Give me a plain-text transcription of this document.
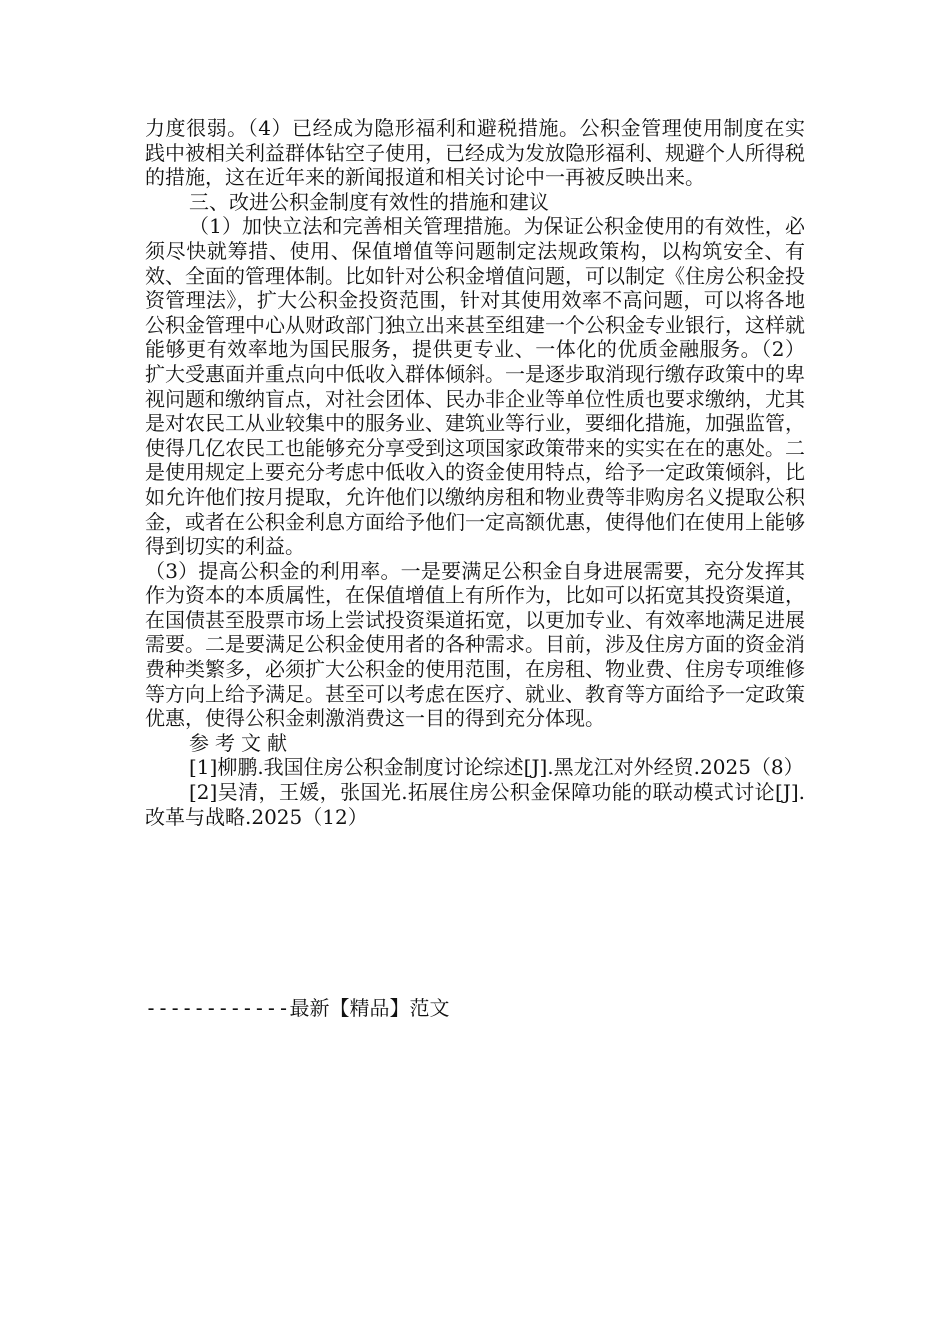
力度很弱。（4）已经成为隐形福利和避税措施。公积金管理使用制度在实践中被相关利益群体钻空子使用，已经成为发放隐形福利、规避个人所得税的措施，这在近年来的新闻报道和相关讨论中一再被反映出来。

三、改进公积金制度有效性的措施和建议

（1）加快立法和完善相关管理措施。为保证公积金使用的有效性，必须尽快就筹措、使用、保值增值等问题制定法规政策构，以构筑安全、有效、全面的管理体制。比如针对公积金增值问题，可以制定《住房公积金投资管理法》，扩大公积金投资范围，针对其使用效率不高问题，可以将各地公积金管理中心从财政部门独立出来甚至组建一个公积金专业银行，这样就能够更有效率地为国民服务，提供更专业、一体化的优质金融服务。（2）扩大受惠面并重点向中低收入群体倾斜。一是逐步取消现行缴存政策中的卑视问题和缴纳盲点，对社会团体、民办非企业等单位性质也要求缴纳，尤其是对农民工从业较集中的服务业、建筑业等行业，要细化措施，加强监管，使得几亿农民工也能够充分享受到这项国家政策带来的实实在在的惠处。二是使用规定上要充分考虑中低收入的资金使用特点，给予一定政策倾斜，比如允许他们按月提取，允许他们以缴纳房租和物业费等非购房名义提取公积金，或者在公积金利息方面给予他们一定高额优惠，使得他们在使用上能够得到切实的利益。

（3）提高公积金的利用率。一是要满足公积金自身进展需要，充分发挥其作为资本的本质属性，在保值增值上有所作为，比如可以拓宽其投资渠道，在国债甚至股票市场上尝试投资渠道拓宽，以更加专业、有效率地满足进展需要。二是要满足公积金使用者的各种需求。目前，涉及住房方面的资金消费种类繁多，必须扩大公积金的使用范围，在房租、物业费、住房专项维修等方向上给予满足。甚至可以考虑在医疗、就业、教育等方面给予一定政策优惠，使得公积金刺激消费这一目的得到充分体现。

参考文献

[1]柳鹏.我国住房公积金制度讨论综述[J].黑龙江对外经贸.2025（8）

[2]吴清，王媛，张国光.拓展住房公积金保障功能的联动模式讨论[J].改革与战略.2025（12）

------------最新【精品】范文
